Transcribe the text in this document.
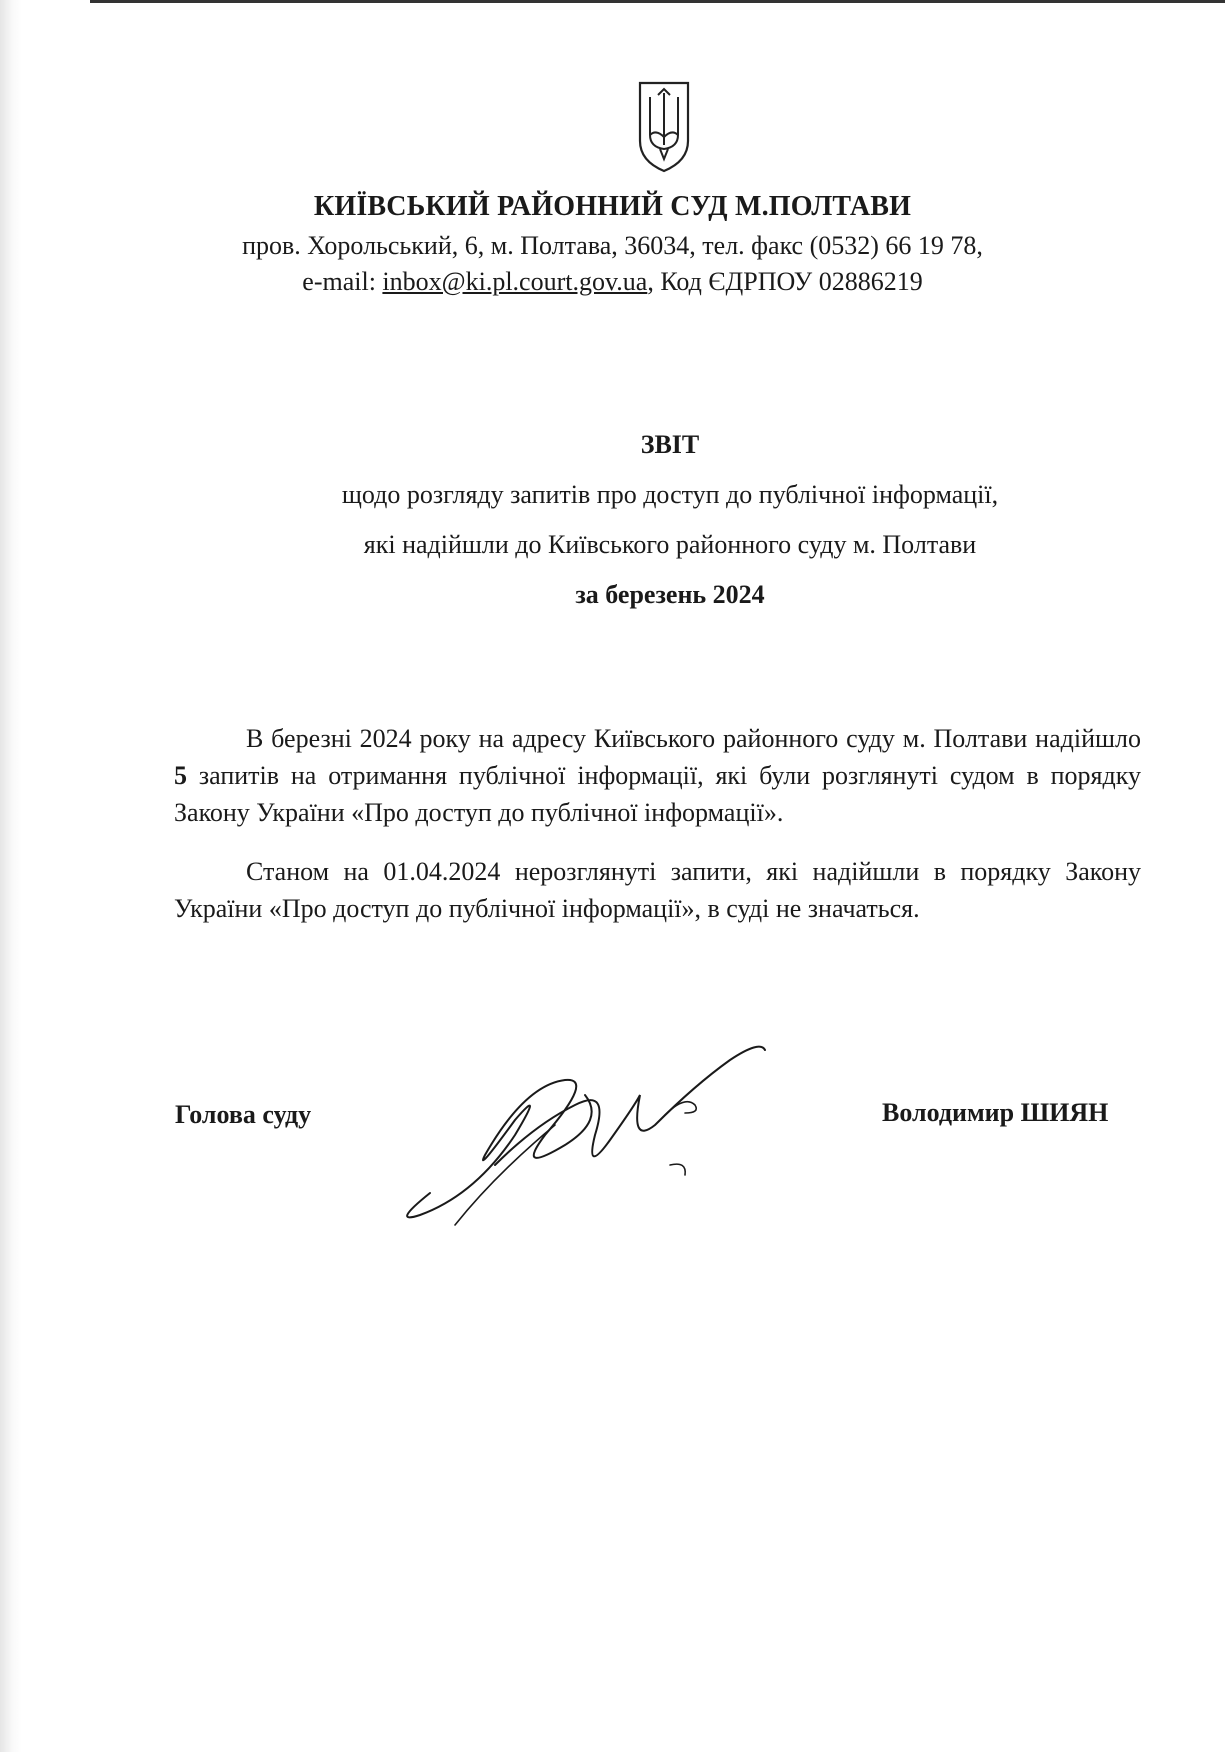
КИЇВСЬКИЙ РАЙОННИЙ СУД М.ПОЛТАВИ
пров. Хорольський, 6, м. Полтава, 36034, тел. факс (0532) 66 19 78,
e-mail: inbox@ki.pl.court.gov.ua, Код ЄДРПОУ 02886219
ЗВІТ
щодо розгляду запитів про доступ до публічної інформації,
які надійшли до Київського районного суду м. Полтави
за березень 2024
В березні 2024 року на адресу Київського районного суду м. Полтави надійшло 5 запитів на отримання публічної інформації, які були розглянуті судом в порядку Закону України «Про доступ до публічної інформації».
Станом на 01.04.2024 нерозглянуті запити, які надійшли в порядку Закону України «Про доступ до публічної інформації», в суді не значаться.
Голова суду	Володимир ШИЯН
